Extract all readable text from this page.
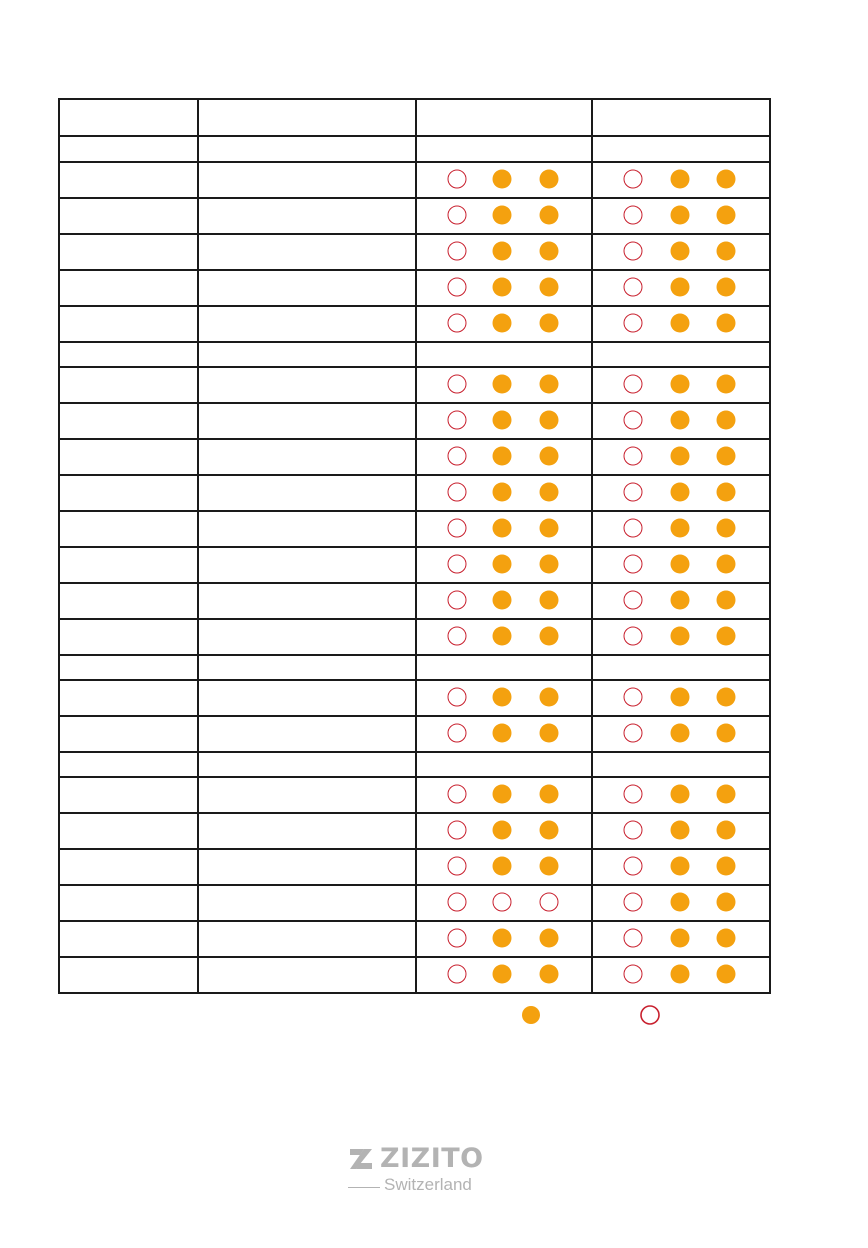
ZIZITO
Switzerland
